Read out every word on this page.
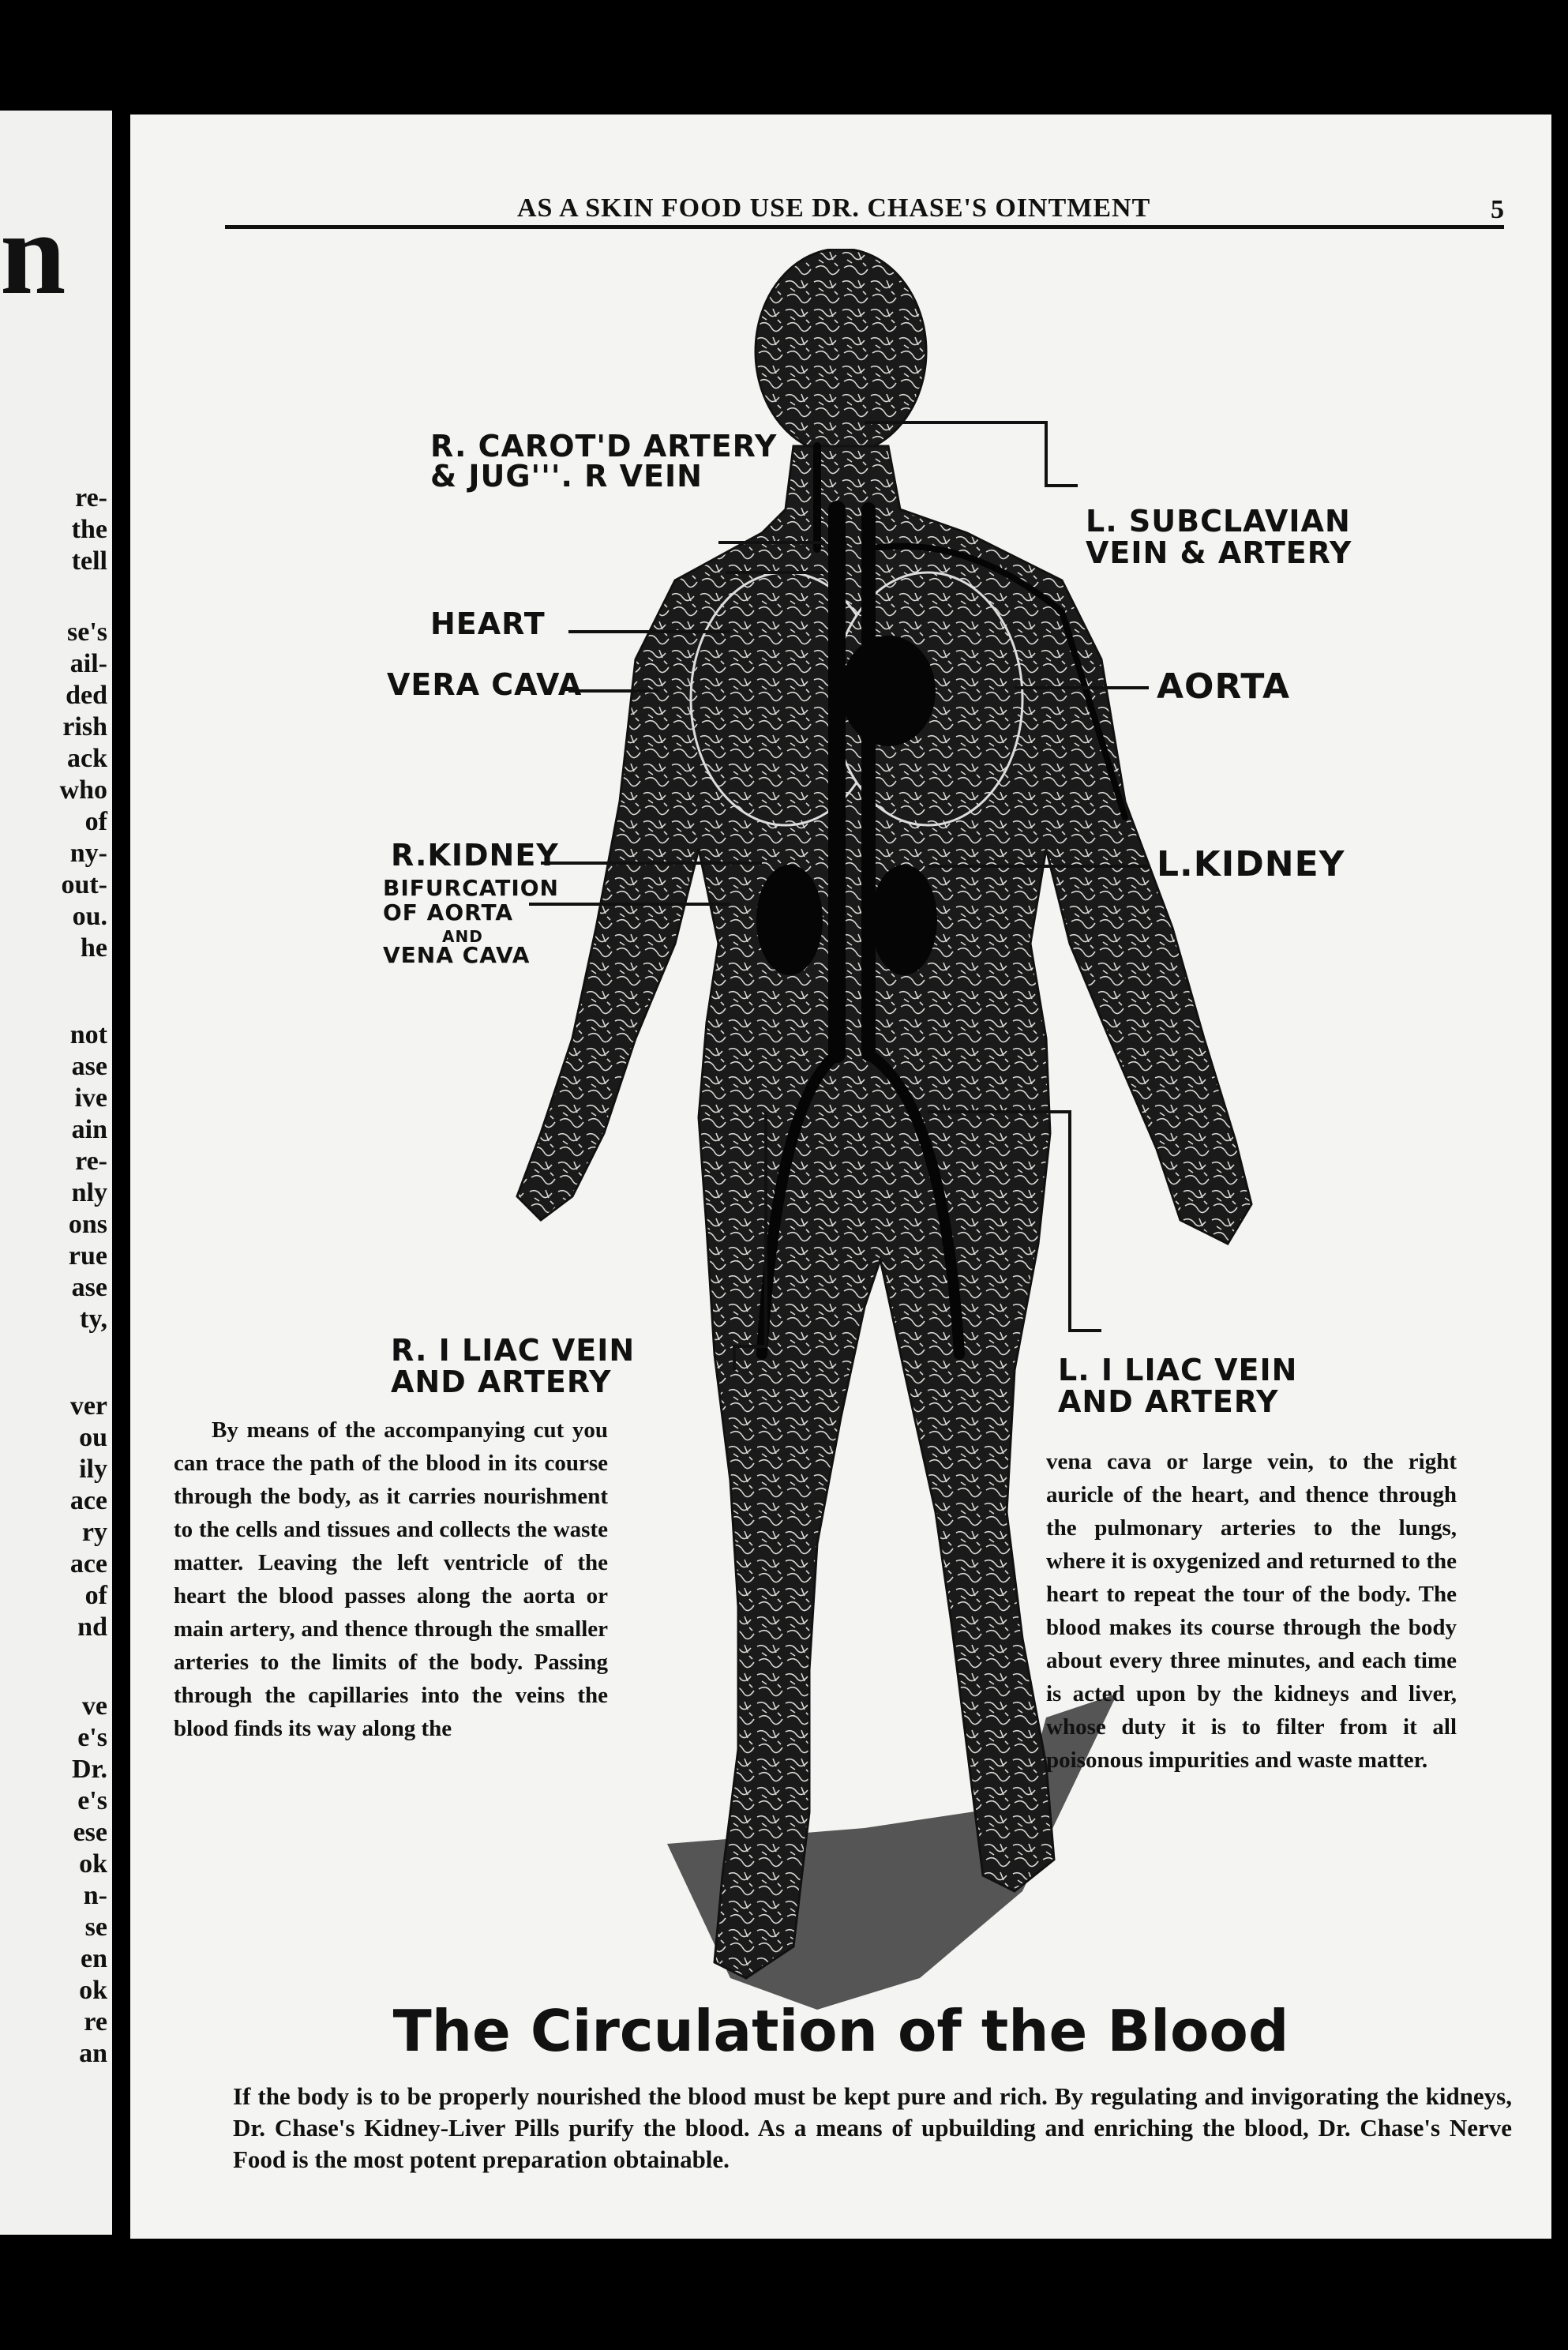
n
re-
the
tell
se's
ail-
ded
rish
ack
who
of
ny-
out-
ou.
he
not
ase
ive
ain
re-
nly
ons
rue
ase
ty,
ver
ou
ily
ace
ry
ace
of
nd
ve
e's
Dr.
e's
ese
ok
n-
se
en
ok
re
an
AS A SKIN FOOD USE DR. CHASE'S OINTMENT	5
R. CAROT'D ARTERY
& JUG'''. R VEIN
HEART
VERA CAVA
R.KIDNEY
BIFURCATION
OF AORTA
AND
VENA CAVA
R. I LIAC VEIN
AND ARTERY
L. SUBCLAVIAN
VEIN & ARTERY
AORTA
L.KIDNEY
L. I LIAC VEIN
AND ARTERY
By means of the accompanying cut you can trace the path of the blood in its course through the body, as it carries nourishment to the cells and tissues and collects the waste matter. Leaving the left ventricle of the heart the blood passes along the aorta or main artery, and thence through the smaller arteries to the limits of the body. Passing through the capillaries into the veins the blood finds its way along the
vena cava or large vein, to the right auricle of the heart, and thence through the pulmonary arteries to the lungs, where it is oxygenized and returned to the heart to repeat the tour of the body. The blood makes its course through the body about every three minutes, and each time is acted upon by the kidneys and liver, whose duty it is to filter from it all poisonous impurities and waste matter.
The Circulation of the Blood
If the body is to be properly nourished the blood must be kept pure and rich. By regulating and invigorating the kidneys, Dr. Chase's Kidney-Liver Pills purify the blood. As a means of upbuilding and enriching the blood, Dr. Chase's Nerve Food is the most potent preparation obtainable.
